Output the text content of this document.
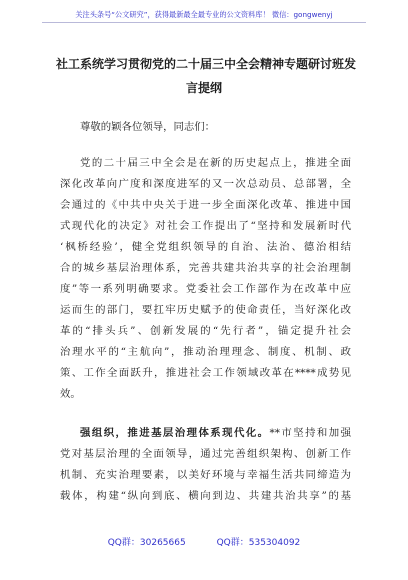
关注头条号“公文研究”，获得最新最全最专业的公文资料库！ 微信：gongwenyj
社工系统学习贯彻党的二十届三中全会精神专题研讨班发
言提纲
尊敬的颖各位领导，同志们：
党的二十届三中全会是在新的历史起点上，推进全面
深化改革向广度和深度进军的又一次总动员、总部署，全
会通过的《中共中央关于进一步全面深化改革、推进中国
式现代化的决定》对社会工作提出了“坚持和发展新时代
‘枫桥经验’，健全党组织领导的自治、法治、德治相结
合的城乡基层治理体系，完善共建共治共享的社会治理制
度”等一系列明确要求。党委社会工作部作为在改革中应
运而生的部门，要扛牢历史赋予的使命责任，当好深化改
革的“排头兵”、创新发展的“先行者”，锚定提升社会
治理水平的“主航向”，推动治理理念、制度、机制、政
策、工作全面跃升，推进社会工作领域改革在****成势见
效。
强组织，推进基层治理体系现代化。**市坚持和加强
党对基层治理的全面领导，通过完善组织架构、创新工作
机制、充实治理要素，以美好环境与幸福生活共同缔造为
载体，构建“纵向到底、横向到边、共建共治共享”的基
QQ群：30265665	QQ群：535304092
